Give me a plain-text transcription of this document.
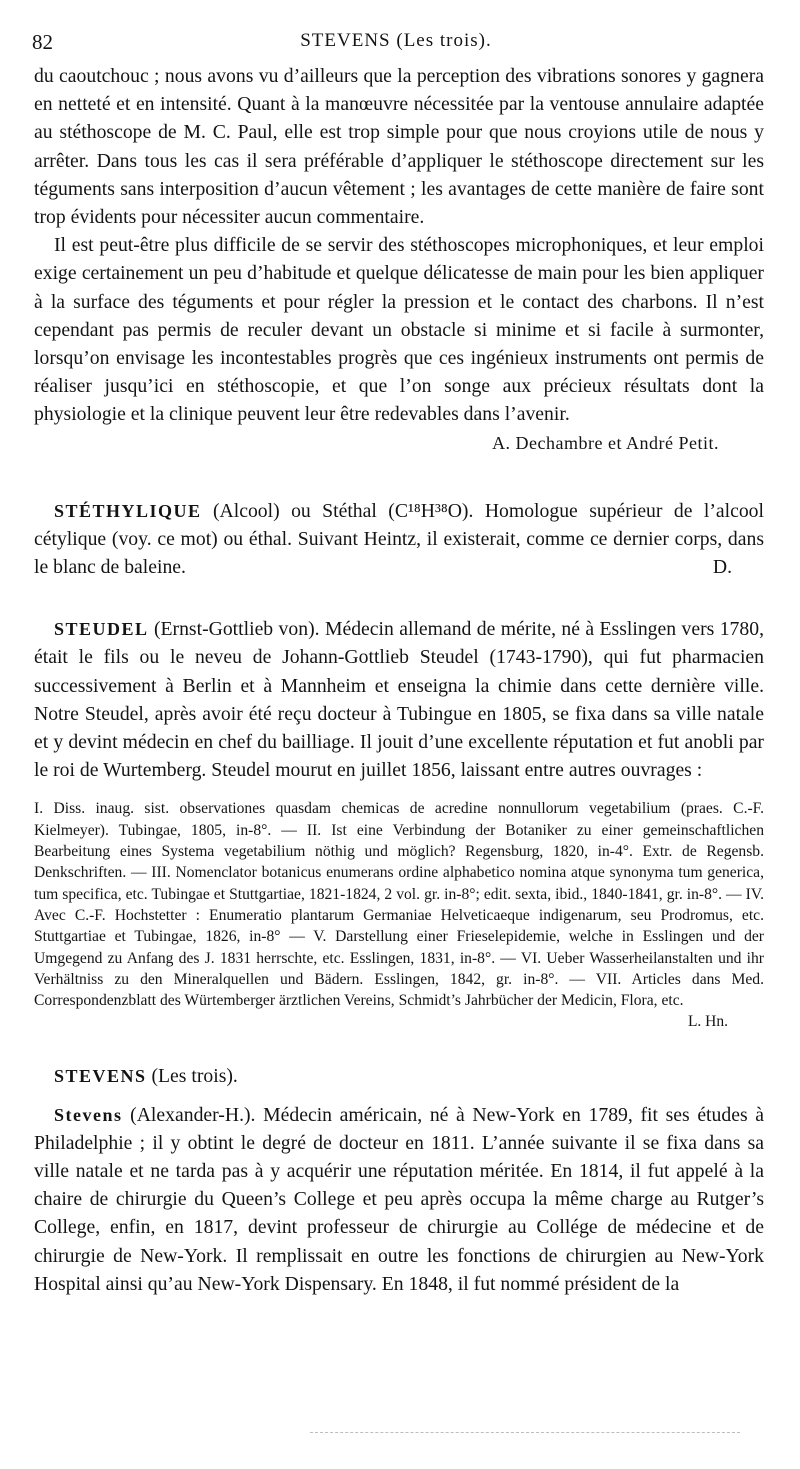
82	STEVENS (Les trois).

du caoutchouc ; nous avons vu d’ailleurs que la perception des vibrations sonores y gagnera en netteté et en intensité. Quant à la manœuvre nécessitée par la ventouse annulaire adaptée au stéthoscope de M. C. Paul, elle est trop simple pour que nous croyions utile de nous y arrêter. Dans tous les cas il sera préférable d’appliquer le stéthoscope directement sur les téguments sans interposition d’aucun vêtement ; les avantages de cette manière de faire sont trop évidents pour nécessiter aucun commentaire.

Il est peut-être plus difficile de se servir des stéthoscopes microphoniques, et leur emploi exige certainement un peu d’habitude et quelque délicatesse de main pour les bien appliquer à la surface des téguments et pour régler la pression et le contact des charbons. Il n’est cependant pas permis de reculer devant un obstacle si minime et si facile à surmonter, lorsqu’on envisage les incontestables progrès que ces ingénieux instruments ont permis de réaliser jusqu’ici en stéthoscopie, et que l’on songe aux précieux résultats dont la physiologie et la clinique peuvent leur être redevables dans l’avenir.

A. Dechambre et André Petit.

STÉTHYLIQUE (Alcool) ou Stéthal (C¹⁸H³⁸O). Homologue supérieur de l’alcool cétylique (voy. ce mot) ou éthal. Suivant Heintz, il existerait, comme ce dernier corps, dans le blanc de baleine.	D.

STEUDEL (Ernst-Gottlieb von). Médecin allemand de mérite, né à Esslingen vers 1780, était le fils ou le neveu de Johann-Gottlieb Steudel (1743-1790), qui fut pharmacien successivement à Berlin et à Mannheim et enseigna la chimie dans cette dernière ville. Notre Steudel, après avoir été reçu docteur à Tubingue en 1805, se fixa dans sa ville natale et y devint médecin en chef du bailliage. Il jouit d’une excellente réputation et fut anobli par le roi de Wurtemberg. Steudel mourut en juillet 1856, laissant entre autres ouvrages :

I. Diss. inaug. sist. observationes quasdam chemicas de acredine nonnullorum vegetabilium (praes. C.-F. Kielmeyer). Tubingae, 1805, in-8°. — II. Ist eine Verbindung der Botaniker zu einer gemeinschaftlichen Bearbeitung eines Systema vegetabilium nöthig und möglich? Regensburg, 1820, in-4°. Extr. de Regensb. Denkschriften. — III. Nomenclator botanicus enumerans ordine alphabetico nomina atque synonyma tum generica, tum specifica, etc. Tubingae et Stuttgartiae, 1821-1824, 2 vol. gr. in-8°; edit. sexta, ibid., 1840-1841, gr. in-8°. — IV. Avec C.-F. Hochstetter : Enumeratio plantarum Germaniae Helveticaeque indigenarum, seu Prodromus, etc. Stuttgartiae et Tubingae, 1826, in-8° — V. Darstellung einer Frieselepidemie, welche in Esslingen und der Umgegend zu Anfang des J. 1831 herrschte, etc. Esslingen, 1831, in-8°. — VI. Ueber Wasserheilanstalten und ihr Verhältniss zu den Mineralquellen und Bädern. Esslingen, 1842, gr. in-8°. — VII. Articles dans Med. Correspondenzblatt des Würtemberger ärztlichen Vereins, Schmidt’s Jahrbücher der Medicin, Flora, etc.

L. Hn.

STEVENS (Les trois).

Stevens (Alexander-H.). Médecin américain, né à New-York en 1789, fit ses études à Philadelphie ; il y obtint le degré de docteur en 1811. L’année suivante il se fixa dans sa ville natale et ne tarda pas à y acquérir une réputation méritée. En 1814, il fut appelé à la chaire de chirurgie du Queen’s College et peu après occupa la même charge au Rutger’s College, enfin, en 1817, devint professeur de chirurgie au Collége de médecine et de chirurgie de New-York. Il remplissait en outre les fonctions de chirurgien au New-York Hospital ainsi qu’au New-York Dispensary. En 1848, il fut nommé président de la
